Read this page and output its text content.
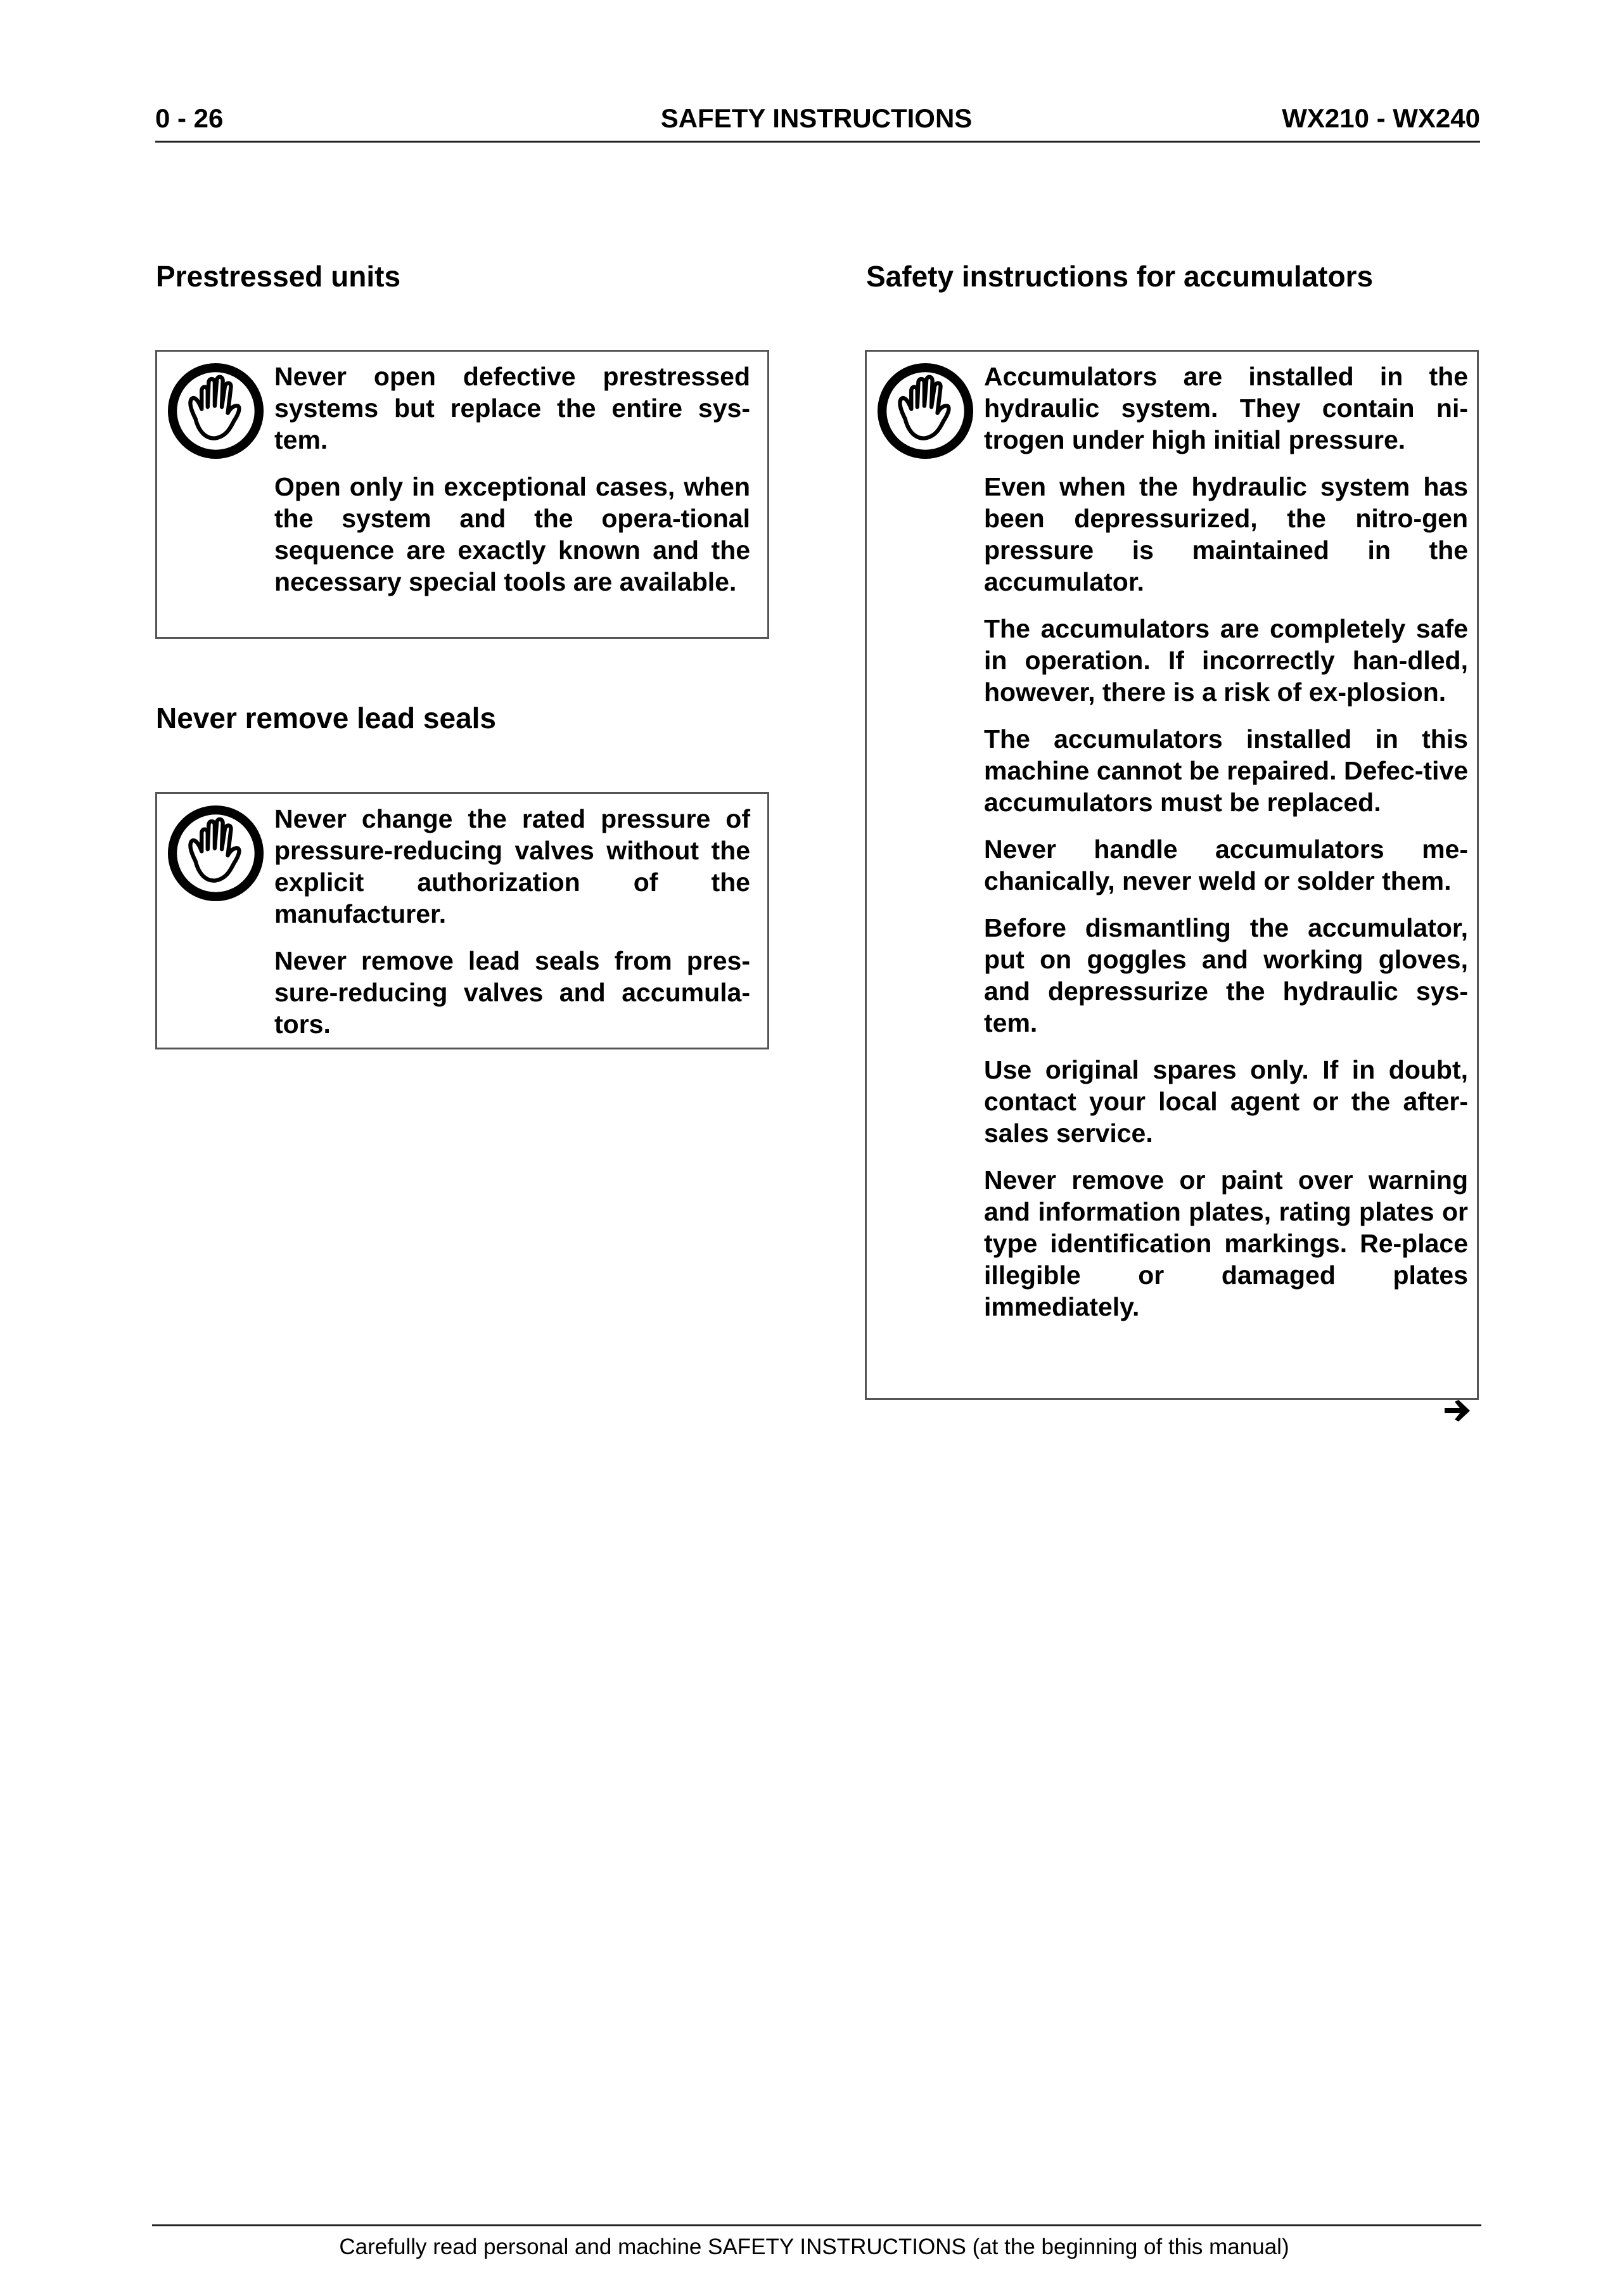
0 - 26	SAFETY INSTRUCTIONS	WX210 - WX240
Prestressed units

Never open defective prestressed systems but replace the entire sys-tem.

Open only in exceptional cases, when the system and the opera-tional sequence are exactly known and the necessary special tools are available.

Never remove lead seals

Never change the rated pressure of pressure-reducing valves without the explicit authorization of the manufacturer.

Never remove lead seals from pres-sure-reducing valves and accumula-tors.

Safety instructions for accumulators

Accumulators are installed in the hydraulic system. They contain ni-trogen under high initial pressure.

Even when the hydraulic system has been depressurized, the nitro-gen pressure is maintained in the accumulator.

The accumulators are completely safe in operation. If incorrectly han-dled, however, there is a risk of ex-plosion.

The accumulators installed in this machine cannot be repaired. Defec-tive accumulators must be replaced.

Never handle accumulators me-chanically, never weld or solder them.

Before dismantling the accumulator, put on goggles and working gloves, and depressurize the hydraulic sys-tem.

Use original spares only. If in doubt, contact your local agent or the after-sales service.

Never remove or paint over warning and information plates, rating plates or type identification markings. Re-place illegible or damaged plates immediately.

Carefully read personal and machine SAFETY INSTRUCTIONS (at the beginning of this manual)
